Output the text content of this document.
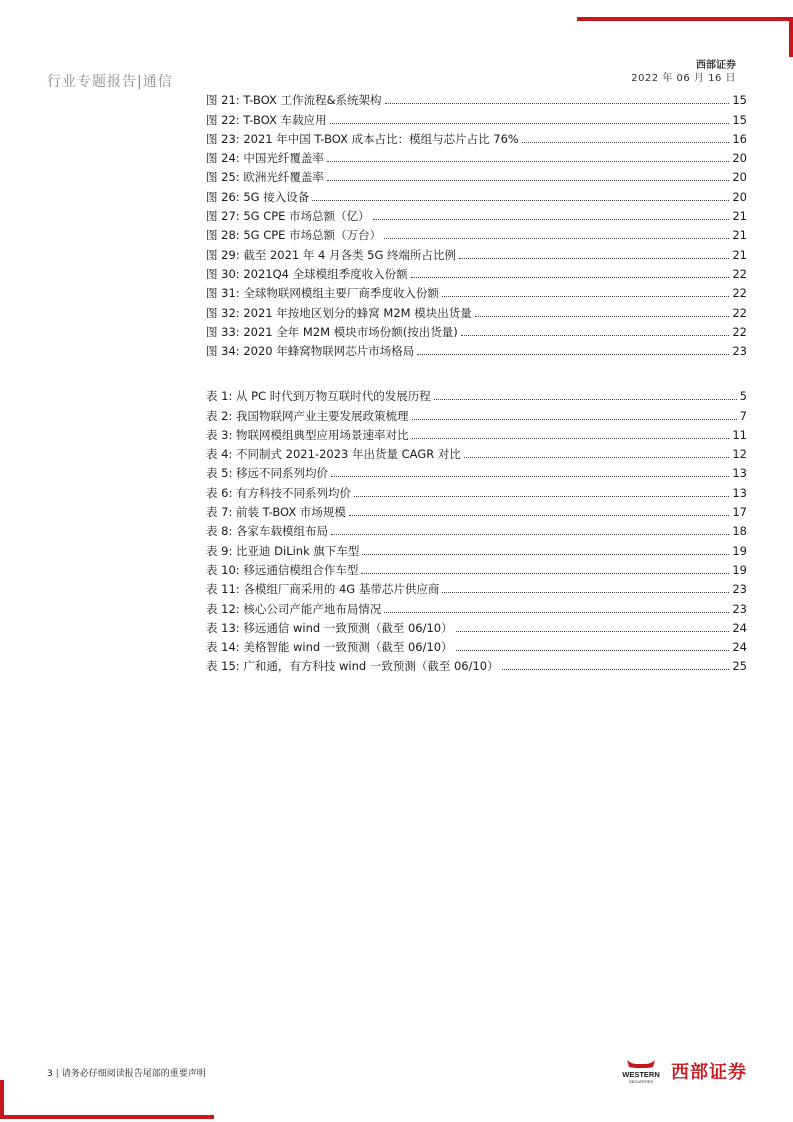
西部证券
2022 年 06 月 16 日
行业专题报告|通信
图 21: T-BOX 工作流程&系统架构	15
图 22: T-BOX 车载应用	15
图 23: 2021 年中国 T-BOX 成本占比：模组与芯片占比 76%	16
图 24: 中国光纤覆盖率	20
图 25: 欧洲光纤覆盖率	20
图 26: 5G 接入设备	20
图 27: 5G CPE 市场总额（亿）	21
图 28: 5G CPE 市场总额（万台）	21
图 29: 截至 2021 年 4 月各类 5G 终端所占比例	21
图 30: 2021Q4 全球模组季度收入份额	22
图 31: 全球物联网模组主要厂商季度收入份额	22
图 32: 2021 年按地区划分的蜂窝 M2M 模块出货量	22
图 33: 2021 全年 M2M 模块市场份额(按出货量)	22
图 34: 2020 年蜂窝物联网芯片市场格局	23
表 1: 从 PC 时代到万物互联时代的发展历程	5
表 2: 我国物联网产业主要发展政策梳理	7
表 3: 物联网模组典型应用场景速率对比	11
表 4: 不同制式 2021-2023 年出货量 CAGR 对比	12
表 5: 移远不同系列均价	13
表 6: 有方科技不同系列均价	13
表 7: 前装 T-BOX 市场规模	17
表 8: 各家车载模组布局	18
表 9: 比亚迪 DiLink 旗下车型	19
表 10: 移远通信模组合作车型	19
表 11: 各模组厂商采用的 4G 基带芯片供应商	23
表 12: 核心公司产能产地布局情况	23
表 13: 移远通信 wind 一致预测（截至 06/10）	24
表 14: 美格智能 wind 一致预测（截至 06/10）	24
表 15: 广和通，有方科技 wind 一致预测（截至 06/10）	25
3 | 请务必仔细阅读报告尾部的重要声明	WESTERN
SECURITIES 西部证券
